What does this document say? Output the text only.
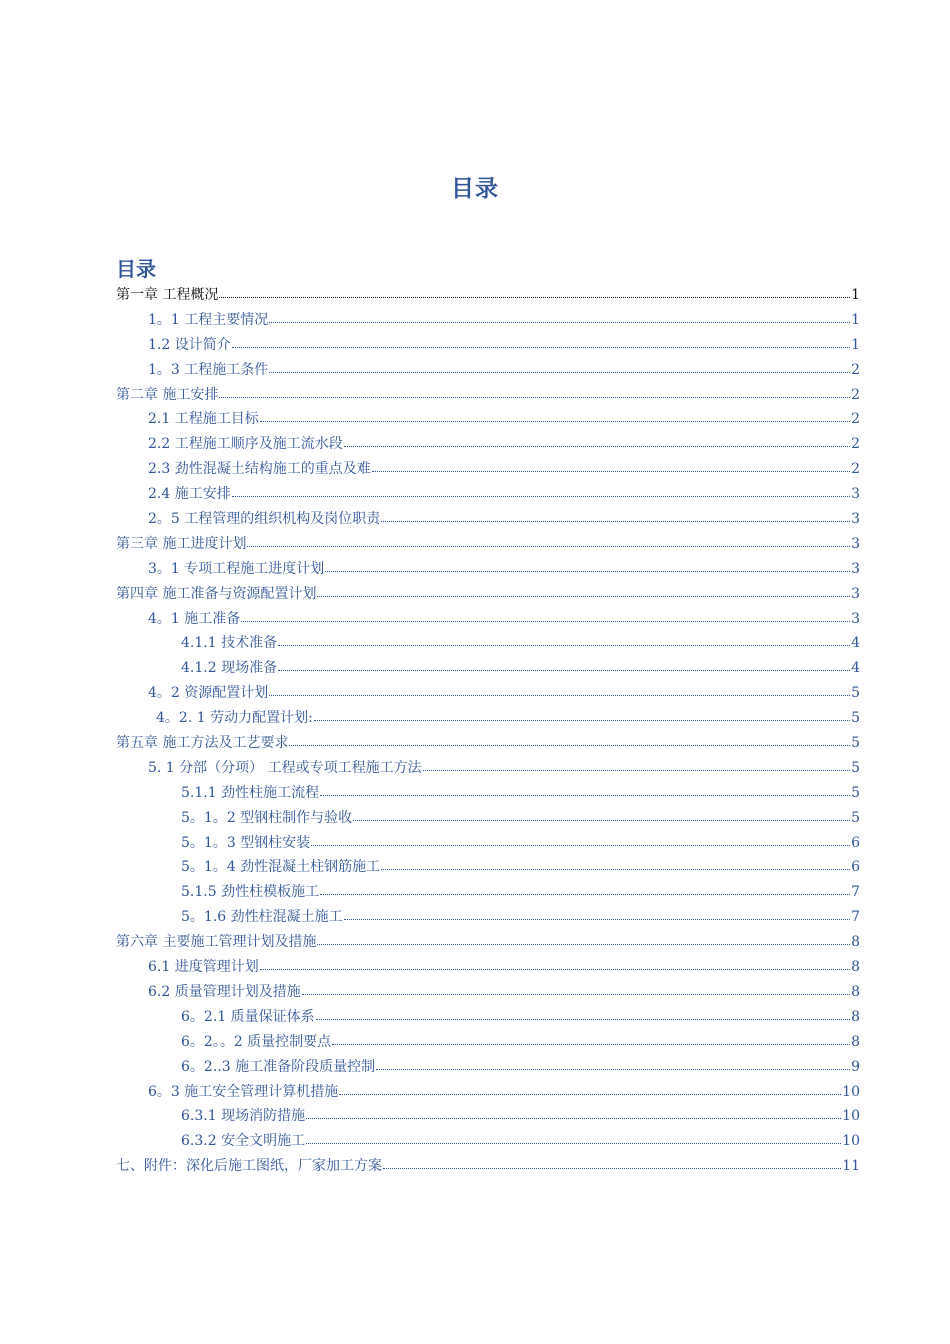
目录
目录
第一章 工程概况	1
1。1 工程主要情况	1
1.2 设计简介	1
1。3 工程施工条件	2
第二章 施工安排	2
2.1 工程施工目标	2
2.2 工程施工顺序及施工流水段	2
2.3 劲性混凝土结构施工的重点及难	2
2.4 施工安排	3
2。5 工程管理的组织机构及岗位职责	3
第三章 施工进度计划	3
3。1 专项工程施工进度计划	3
第四章 施工准备与资源配置计划	3
4。1 施工准备	3
4.1.1 技术准备	4
4.1.2 现场准备	4
4。2 资源配置计划	5
4。2. 1 劳动力配置计划:	5
第五章 施工方法及工艺要求	5
5. 1 分部（分项） 工程或专项工程施工方法	5
5.1.1 劲性柱施工流程	5
5。1。2 型钢柱制作与验收	5
5。1。3 型钢柱安装	6
5。1。4 劲性混凝土柱钢筋施工	6
5.1.5 劲性柱模板施工	7
5。1.6 劲性柱混凝土施工	7
第六章 主要施工管理计划及措施	8
6.1 进度管理计划	8
6.2 质量管理计划及措施	8
6。2.1 质量保证体系	8
6。2。。2 质量控制要点	8
6。2..3 施工准备阶段质量控制	9
6。3 施工安全管理计算机措施	10
6.3.1 现场消防措施	10
6.3.2 安全文明施工	10
七、附件：深化后施工图纸，厂家加工方案	11
